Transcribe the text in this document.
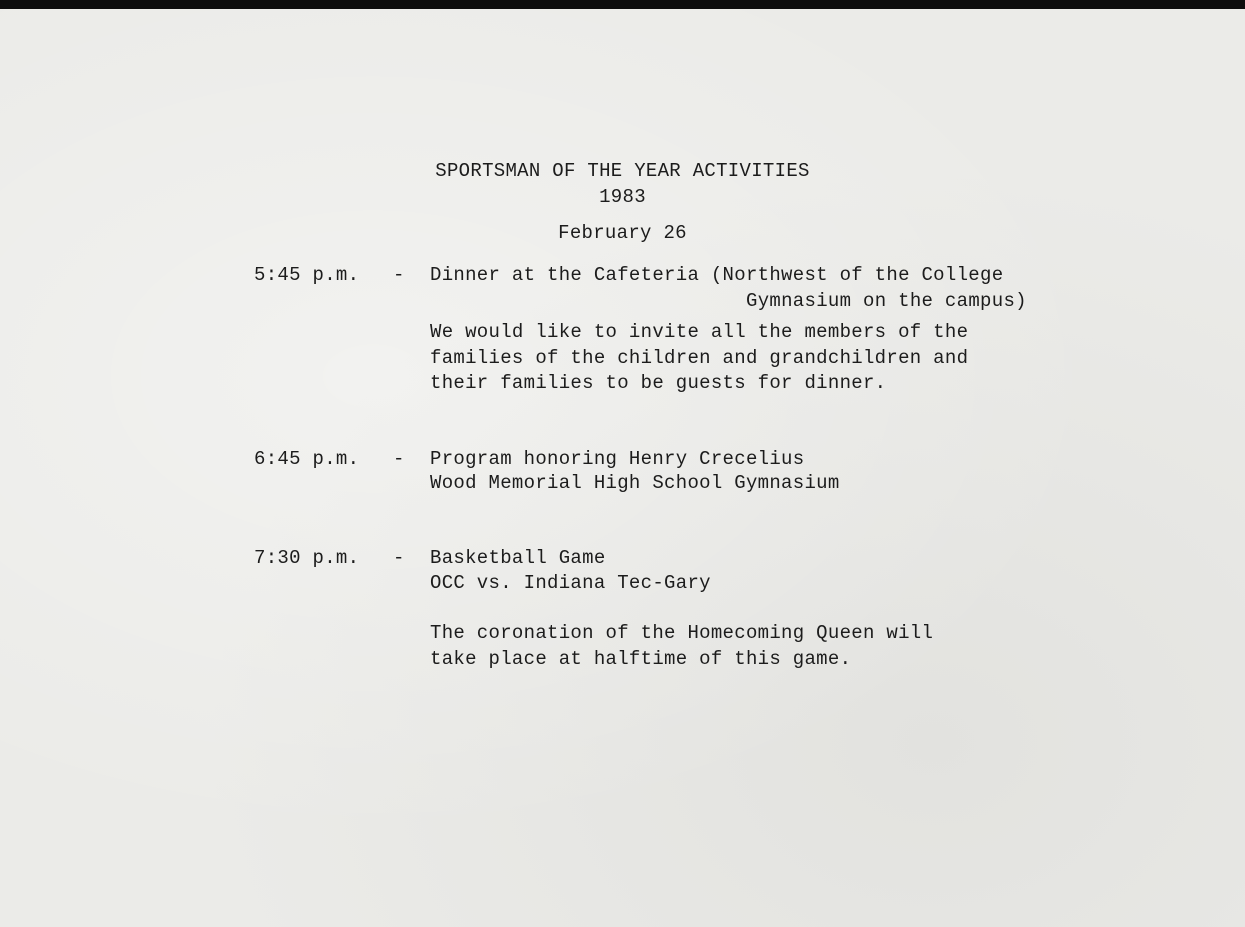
SPORTSMAN OF THE YEAR ACTIVITIES
1983
February 26
5:45 p.m. - Dinner at the Cafeteria (Northwest of the College
Gymnasium on the campus)
We would like to invite all the members of the
families of the children and grandchildren and
their families to be guests for dinner.
6:45 p.m. - Program honoring Henry Crecelius
Wood Memorial High School Gymnasium
7:30 p.m. - Basketball Game
OCC vs. Indiana Tec-Gary
The coronation of the Homecoming Queen will
take place at halftime of this game.
